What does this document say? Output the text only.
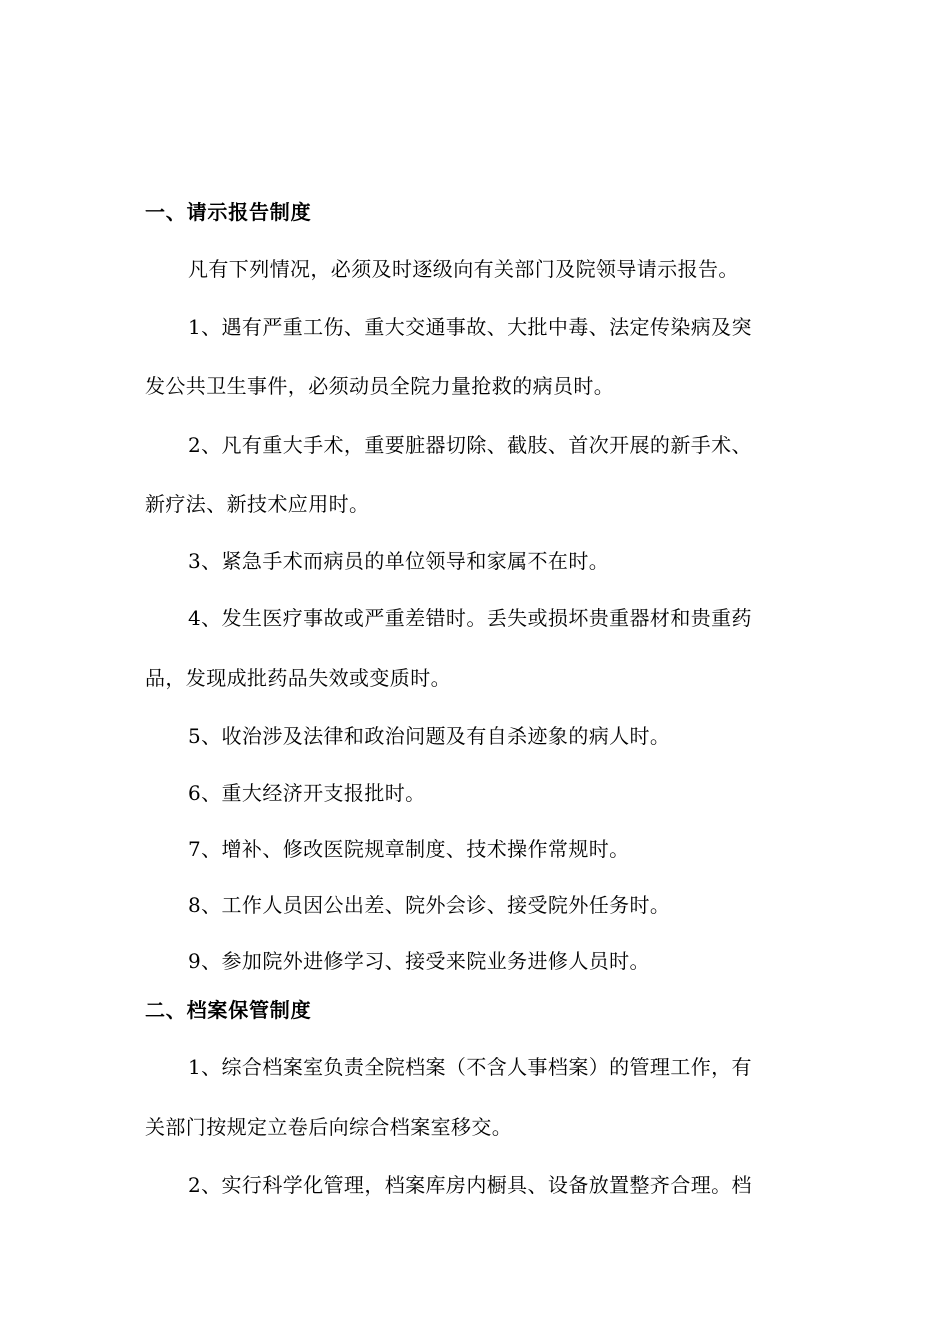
一、请示报告制度
凡有下列情况，必须及时逐级向有关部门及院领导请示报告。
1、遇有严重工伤、重大交通事故、大批中毒、法定传染病及突
发公共卫生事件，必须动员全院力量抢救的病员时。
2、凡有重大手术，重要脏器切除、截肢、首次开展的新手术、
新疗法、新技术应用时。
3、紧急手术而病员的单位领导和家属不在时。
4、发生医疗事故或严重差错时。丢失或损坏贵重器材和贵重药
品，发现成批药品失效或变质时。
5、收治涉及法律和政治问题及有自杀迹象的病人时。
6、重大经济开支报批时。
7、增补、修改医院规章制度、技术操作常规时。
8、工作人员因公出差、院外会诊、接受院外任务时。
9、参加院外进修学习、接受来院业务进修人员时。
二、档案保管制度
1、综合档案室负责全院档案（不含人事档案）的管理工作，有
关部门按规定立卷后向综合档案室移交。
2、实行科学化管理，档案库房内橱具、设备放置整齐合理。档
